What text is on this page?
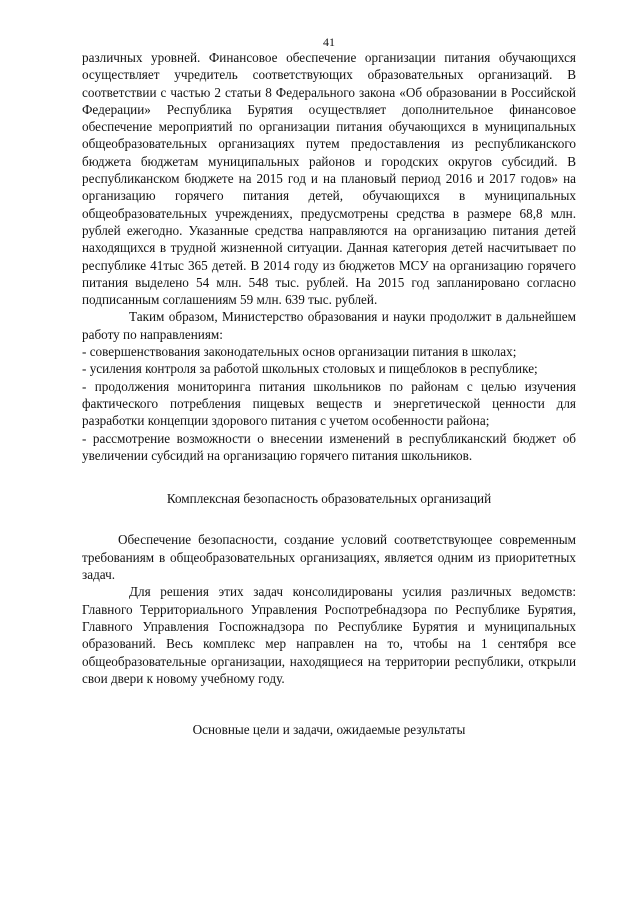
41

различных уровней. Финансовое обеспечение организации питания обучающихся осуществляет учредитель соответствующих образовательных организаций. В соответствии с частью 2 статьи 8 Федерального закона «Об образовании в Российской Федерации» Республика Бурятия осуществляет дополнительное финансовое обеспечение мероприятий по организации питания обучающихся в муниципальных общеобразовательных организациях путем предоставления из республиканского бюджета бюджетам муниципальных районов и городских округов субсидий. В республиканском бюджете на 2015 год и на плановый период 2016 и 2017 годов» на организацию горячего питания детей, обучающихся в муниципальных общеобразовательных учреждениях, предусмотрены средства в размере 68,8 млн. рублей ежегодно. Указанные средства направляются на организацию питания детей находящихся в трудной жизненной ситуации. Данная категория детей насчитывает по республике 41тыс 365 детей. В 2014 году из бюджетов МСУ на организацию горячего питания выделено 54 млн. 548 тыс. рублей. На 2015 год запланировано согласно подписанным соглашениям 59 млн. 639 тыс. рублей.

Таким образом, Министерство образования и науки продолжит в дальнейшем работу по направлениям:

- совершенствования законодательных основ организации питания в школах;

- усиления контроля за работой школьных столовых и пищеблоков в республике;

- продолжения мониторинга питания школьников по районам с целью изучения фактического потребления пищевых веществ и энергетической ценности для разработки концепции здорового питания с учетом особенности района;

- рассмотрение возможности о внесении изменений в республиканский бюджет об увеличении субсидий на организацию горячего питания школьников.

Комплексная безопасность образовательных организаций

Обеспечение безопасности, создание условий соответствующее современным требованиям в общеобразовательных организациях, является одним из приоритетных задач.

Для решения этих задач консолидированы усилия различных ведомств: Главного Территориального Управления Роспотребнадзора по Республике Бурятия, Главного Управления Госпожнадзора по Республике Бурятия и муниципальных образований. Весь комплекс мер направлен на то, чтобы на 1 сентября все общеобразовательные организации, находящиеся на территории республики, открыли свои двери к новому учебному году.

Основные цели и задачи, ожидаемые результаты
